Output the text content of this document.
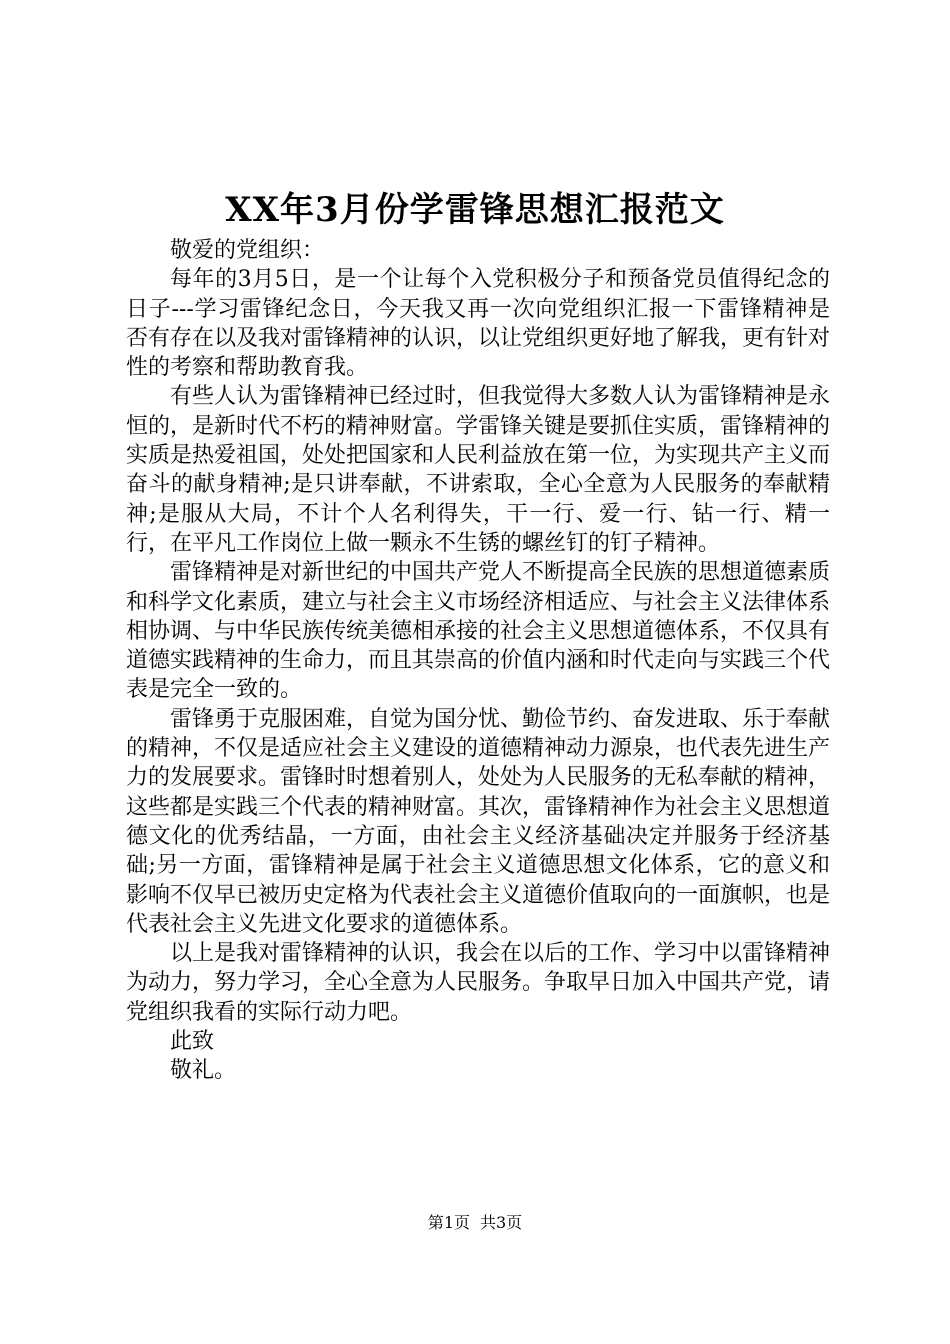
XX年3月份学雷锋思想汇报范文

敬爱的党组织：

每年的3月5日，是一个让每个入党积极分子和预备党员值得纪念的日子---学习雷锋纪念日，今天我又再一次向党组织汇报一下雷锋精神是否有存在以及我对雷锋精神的认识，以让党组织更好地了解我，更有针对性的考察和帮助教育我。

有些人认为雷锋精神已经过时，但我觉得大多数人认为雷锋精神是永恒的，是新时代不朽的精神财富。学雷锋关键是要抓住实质，雷锋精神的实质是热爱祖国，处处把国家和人民利益放在第一位，为实现共产主义而奋斗的献身精神;是只讲奉献，不讲索取，全心全意为人民服务的奉献精神;是服从大局，不计个人名利得失，干一行、爱一行、钻一行、精一行，在平凡工作岗位上做一颗永不生锈的螺丝钉的钉子精神。

雷锋精神是对新世纪的中国共产党人不断提高全民族的思想道德素质和科学文化素质，建立与社会主义市场经济相适应、与社会主义法律体系相协调、与中华民族传统美德相承接的社会主义思想道德体系，不仅具有道德实践精神的生命力，而且其崇高的价值内涵和时代走向与实践三个代表是完全一致的。

雷锋勇于克服困难，自觉为国分忧、勤俭节约、奋发进取、乐于奉献的精神，不仅是适应社会主义建设的道德精神动力源泉，也代表先进生产力的发展要求。雷锋时时想着别人，处处为人民服务的无私奉献的精神，这些都是实践三个代表的精神财富。其次，雷锋精神作为社会主义思想道德文化的优秀结晶，一方面，由社会主义经济基础决定并服务于经济基础;另一方面，雷锋精神是属于社会主义道德思想文化体系，它的意义和影响不仅早已被历史定格为代表社会主义道德价值取向的一面旗帜，也是代表社会主义先进文化要求的道德体系。

以上是我对雷锋精神的认识，我会在以后的工作、学习中以雷锋精神为动力，努力学习，全心全意为人民服务。争取早日加入中国共产党，请党组织我看的实际行动力吧。

此致

敬礼。

第1页 共3页
